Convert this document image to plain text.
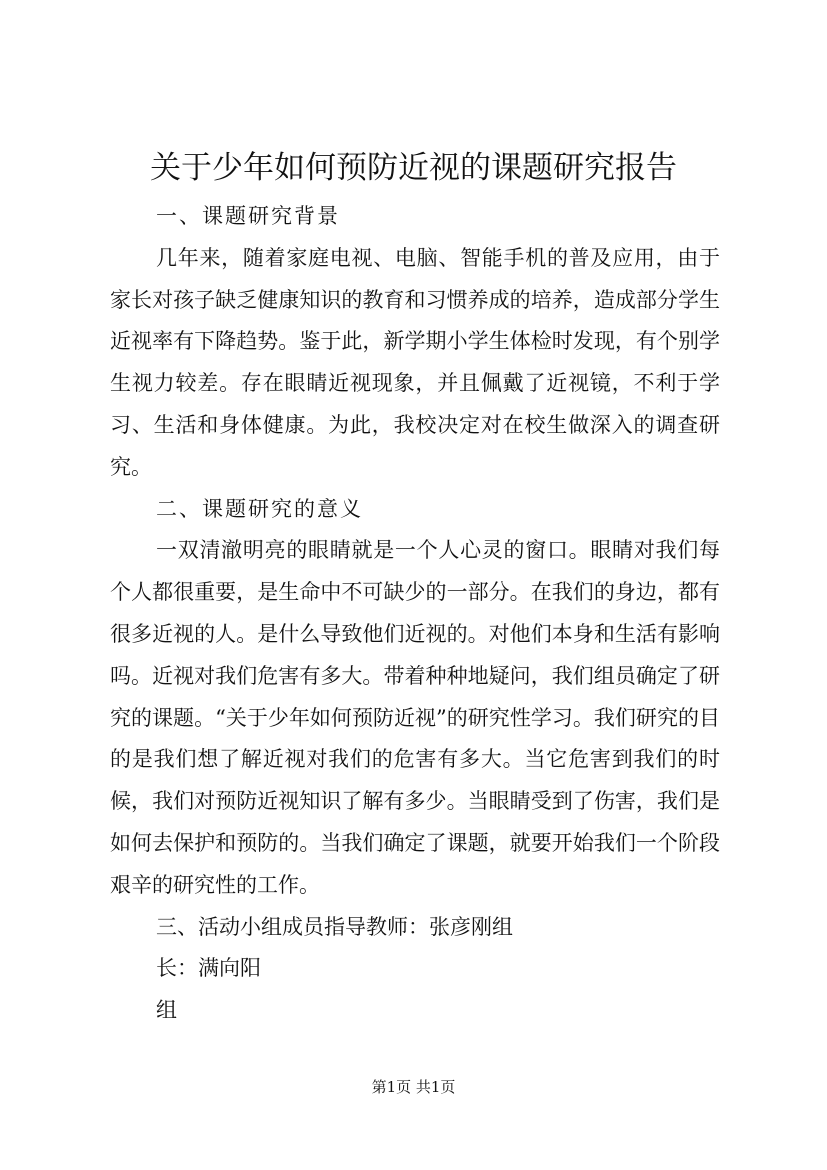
关于少年如何预防近视的课题研究报告

一、课题研究背景

几年来，随着家庭电视、电脑、智能手机的普及应用，由于家长对孩子缺乏健康知识的教育和习惯养成的培养，造成部分学生近视率有下降趋势。鉴于此，新学期小学生体检时发现，有个别学生视力较差。存在眼睛近视现象，并且佩戴了近视镜，不利于学习、生活和身体健康。为此，我校决定对在校生做深入的调查研究。

二、课题研究的意义

一双清澈明亮的眼睛就是一个人心灵的窗口。眼睛对我们每个人都很重要，是生命中不可缺少的一部分。在我们的身边，都有很多近视的人。是什么导致他们近视的。对他们本身和生活有影响吗。近视对我们危害有多大。带着种种地疑问，我们组员确定了研究的课题。“关于少年如何预防近视”的研究性学习。我们研究的目的是我们想了解近视对我们的危害有多大。当它危害到我们的时候，我们对预防近视知识了解有多少。当眼睛受到了伤害，我们是如何去保护和预防的。当我们确定了课题，就要开始我们一个阶段艰辛的研究性的工作。

三、活动小组成员指导教师：张彦刚组

长：满向阳

组

第1页 共1页
